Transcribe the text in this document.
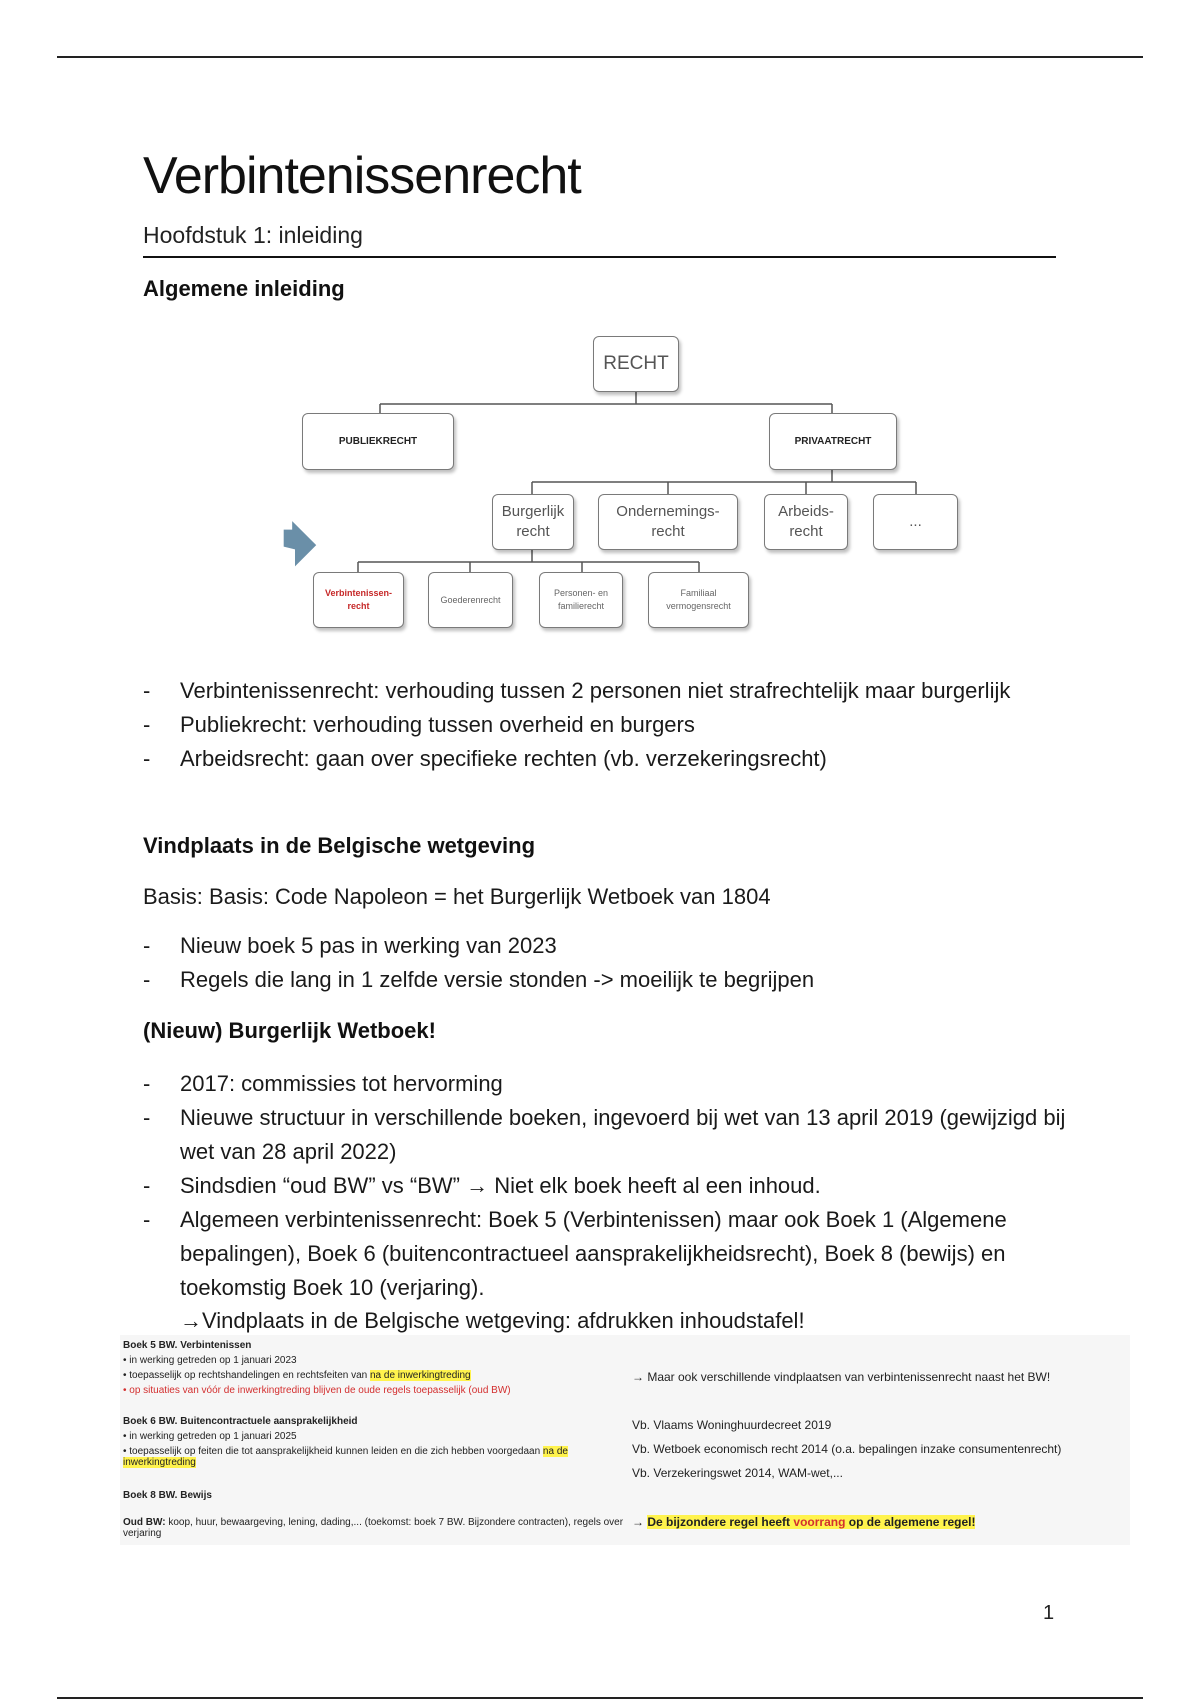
Verbintenissenrecht
Hoofdstuk 1: inleiding
Algemene inleiding
RECHT
PUBLIEKRECHT	PRIVAATRECHT
Burgerlijk recht
Ondernemings- recht
Arbeids- recht
...
Verbintenissen- recht
Goederenrecht
Personen- en familierecht
Familiaal vermogensrecht
- Verbintenissenrecht: verhouding tussen 2 personen niet strafrechtelijk maar burgerlijk
- Publiekrecht: verhouding tussen overheid en burgers
- Arbeidsrecht: gaan over specifieke rechten (vb. verzekeringsrecht)
Vindplaats in de Belgische wetgeving
Basis: Basis: Code Napoleon = het Burgerlijk Wetboek van 1804
- Nieuw boek 5 pas in werking van 2023
- Regels die lang in 1 zelfde versie stonden -> moeilijk te begrijpen
(Nieuw) Burgerlijk Wetboek!
- 2017: commissies tot hervorming
- Nieuwe structuur in verschillende boeken, ingevoerd bij wet van 13 april 2019 (gewijzigd bij wet van 28 april 2022)
- Sindsdien “oud BW” vs “BW” → Niet elk boek heeft al een inhoud.
- Algemeen verbintenissenrecht: Boek 5 (Verbintenissen) maar ook Boek 1 (Algemene bepalingen), Boek 6 (buitencontractueel aansprakelijkheidsrecht), Boek 8 (bewijs) en toekomstig Boek 10 (verjaring).
→Vindplaats in de Belgische wetgeving: afdrukken inhoudstafel!
Boek 5 BW. Verbintenissen
• in werking getreden op 1 januari 2023
• toepasselijk op rechtshandelingen en rechtsfeiten van na de inwerkingtreding
• op situaties van vóór de inwerkingtreding blijven de oude regels toepasselijk (oud BW)
Boek 6 BW. Buitencontractuele aansprakelijkheid
• in werking getreden op 1 januari 2025
• toepasselijk op feiten die tot aansprakelijkheid kunnen leiden en die zich hebben voorgedaan na de inwerkingtreding
Boek 8 BW. Bewijs
Oud BW: koop, huur, bewaargeving, lening, dading,... (toekomst: boek 7 BW. Bijzondere contracten), regels over verjaring
→ Maar ook verschillende vindplaatsen van verbintenissenrecht naast het BW!
Vb. Vlaams Woninghuurdecreet 2019
Vb. Wetboek economisch recht 2014 (o.a. bepalingen inzake consumentenrecht)
Vb. Verzekeringswet 2014, WAM-wet,...
→ De bijzondere regel heeft voorrang op de algemene regel!
1
